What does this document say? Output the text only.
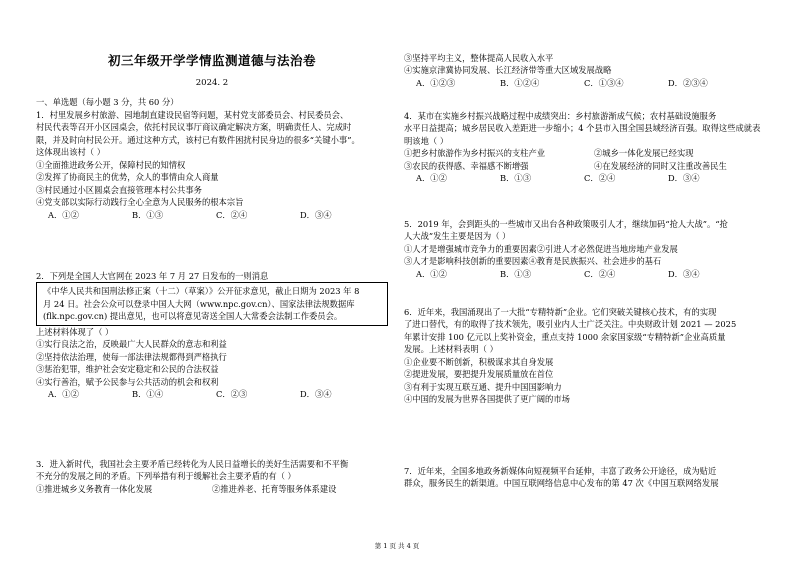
初三年级开学学情监测道德与法治卷
2024. 2

一、单选题（每小题 3 分，共 60 分）

1．村里发展乡村旅游、园地制直建设民宿等问题，某村党支部委员会、村民委员会、

村民代表等召开小区园桌会，依托村民议事厅商议确定解决方案，明确责任人、完成时

限，并及时向村民公开。通过这种方式，该村已有数件困扰村民身边的很多“关键小事”。

这体现出该村（ ）

①全面推进政务公开，保障村民的知情权

②发挥了协商民主的优势，众人的事情由众人商量

③村民通过小区圆桌会直接管理本村公共事务

④党支部以实际行动践行全心全意为人民服务的根本宗旨

A．①②	B．①③	C．②④	D．③④

2．下列是全国人大官网在 2023 年 7 月 27 日发布的一则消息

《中华人民共和国刑法修正案（十二）（草案）》公开征求意见，截止日期为 2023 年 8

月 24 日。社会公众可以登录中国人大网（www.npc.gov.cn）、国家法律法规数据库

(flk.npc.gov.cn) 提出意见，也可以将意见寄送全国人大常委会法制工作委员会。

上述材料体现了（ ）

①实行良法之治，反映最广大人民群众的意志和利益

②坚持依法治理，使每一部法律法规都得到严格执行

③惩治犯罪，维护社会安定稳定和公民的合法权益

④实行善治，赋予公民参与公共活动的机会和权利

A．①②	B．①④	C．②③	D．③④

3．进入新时代，我国社会主要矛盾已经转化为人民日益增长的美好生活需要和不平衡

不充分的发展之间的矛盾。下列举措有利于缓解社会主要矛盾的有（ ）

①推进城乡义务教育一体化发展	②推进养老、托育等服务体系建设

③坚持平均主义，整体提高人民收入水平

④实施京津冀协同发展、长江经济带等重大区域发展战略

A．①②③	B．①②④	C．①③④	D．②③④

4．某市在实施乡村振兴战略过程中成绩突出：乡村旅游渐成气候；农村基础设施服务

水平日益提高；城乡居民收入差距进一步缩小；4 个县市入围全国县域经济百强。取得这些成就表

明该地（ ）

①把乡村旅游作为乡村振兴的支柱产业	②城乡一体化发展已经实现
③农民的获得感、幸福感不断增强	④在发展经济的同时又注重改善民生
A．①②	B．①③	C．②④	D．③④

5．2019 年，会到距头的一些城市又出台各种政策吸引人才，继续加码“抢人大战”。“抢

人大战”发生主要是因为（ ）

①人才是增强城市竞争力的重要因素②引进人才必然促进当地房地产业发展

③人才是影响科技创新的重要因素④教育是民族振兴、社会进步的基石

A．①②	B．①③	C．②④	D．③④

6．近年来，我国涌现出了一大批“专精特新”企业。它们突破关键核心技术，有的实现

了进口替代，有的取得了技术领先，吸引业内人士广泛关注。中央财政计划 2021 — 2025

年累计安排 100 亿元以上奖补资金，重点支持 1000 余家国家级“专精特新”企业高质量

发展。上述材料表明（ ）

①企业要不断创新，积极谋求其自身发展

②提进发展，要把提升发展质量放在首位

③有利于实现互联互通、提升中国国影响力

④中国的发展为世界各国提供了更广阔的市场

7．近年来，全国多地政务新媒体向短视频平台延伸，丰富了政务公开途径，成为贴近

群众，服务民生的新渠道。中国互联网络信息中心发布的第 47 次《中国互联网络发展

第 1 页 共 4 页
